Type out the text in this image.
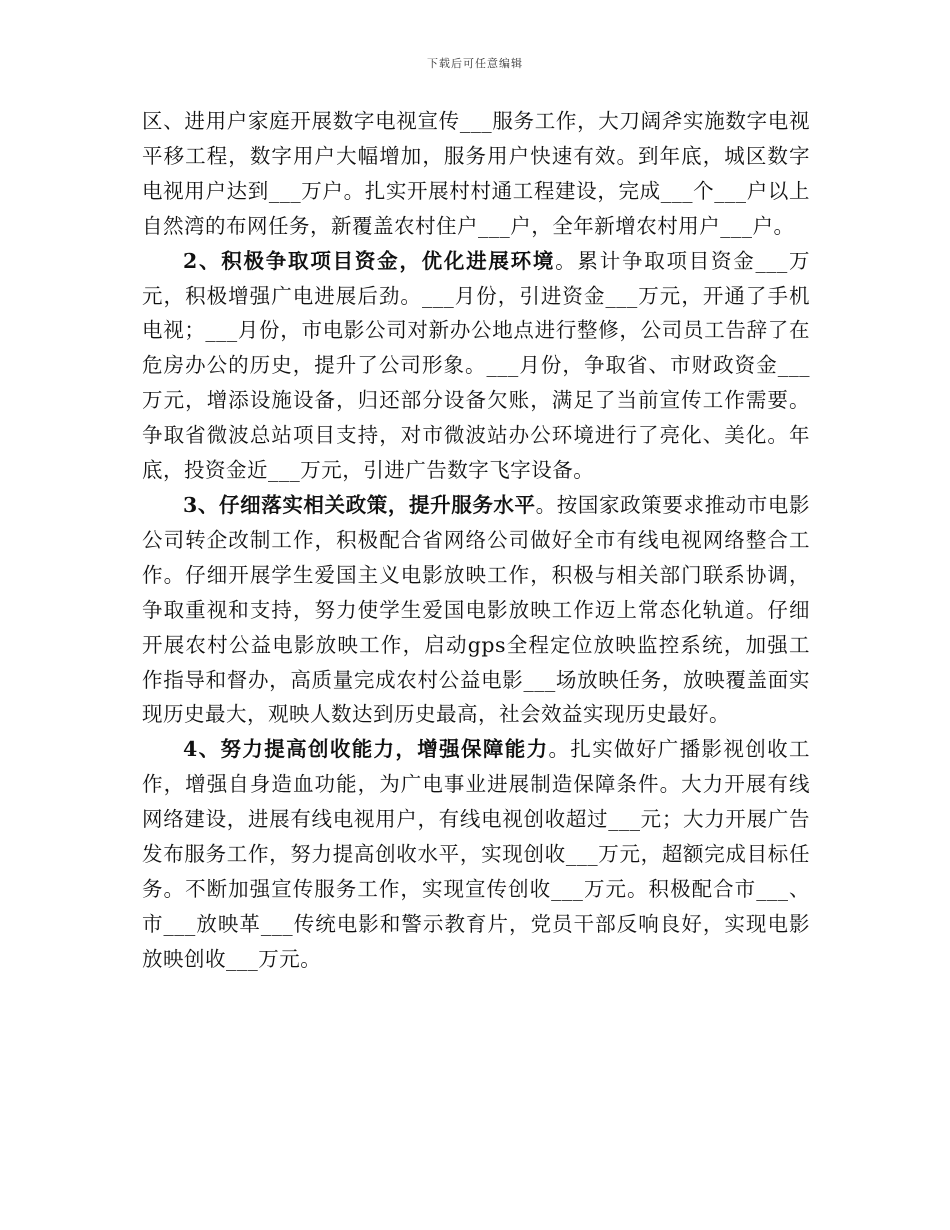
下载后可任意编辑

区、进用户家庭开展数字电视宣传___服务工作，大刀阔斧实施数字电视平移工程，数字用户大幅增加，服务用户快速有效。到年底，城区数字电视用户达到___万户。扎实开展村村通工程建设，完成___个___户以上自然湾的布网任务，新覆盖农村住户___户，全年新增农村用户___户。

2、积极争取项目资金，优化进展环境。累计争取项目资金___万元，积极增强广电进展后劲。___月份，引进资金___万元，开通了手机电视；___月份，市电影公司对新办公地点进行整修，公司员工告辞了在危房办公的历史，提升了公司形象。___月份，争取省、市财政资金___万元，增添设施设备，归还部分设备欠账，满足了当前宣传工作需要。争取省微波总站项目支持，对市微波站办公环境进行了亮化、美化。年底，投资金近___万元，引进广告数字飞字设备。

3、仔细落实相关政策，提升服务水平。按国家政策要求推动市电影公司转企改制工作，积极配合省网络公司做好全市有线电视网络整合工作。仔细开展学生爱国主义电影放映工作，积极与相关部门联系协调，争取重视和支持，努力使学生爱国电影放映工作迈上常态化轨道。仔细开展农村公益电影放映工作，启动gps全程定位放映监控系统，加强工作指导和督办，高质量完成农村公益电影___场放映任务，放映覆盖面实现历史最大，观映人数达到历史最高，社会效益实现历史最好。

4、努力提高创收能力，增强保障能力。扎实做好广播影视创收工作，增强自身造血功能，为广电事业进展制造保障条件。大力开展有线网络建设，进展有线电视用户，有线电视创收超过___元；大力开展广告发布服务工作，努力提高创收水平，实现创收___万元，超额完成目标任务。不断加强宣传服务工作，实现宣传创收___万元。积极配合市___、市___放映革___传统电影和警示教育片，党员干部反响良好，实现电影放映创收___万元。
